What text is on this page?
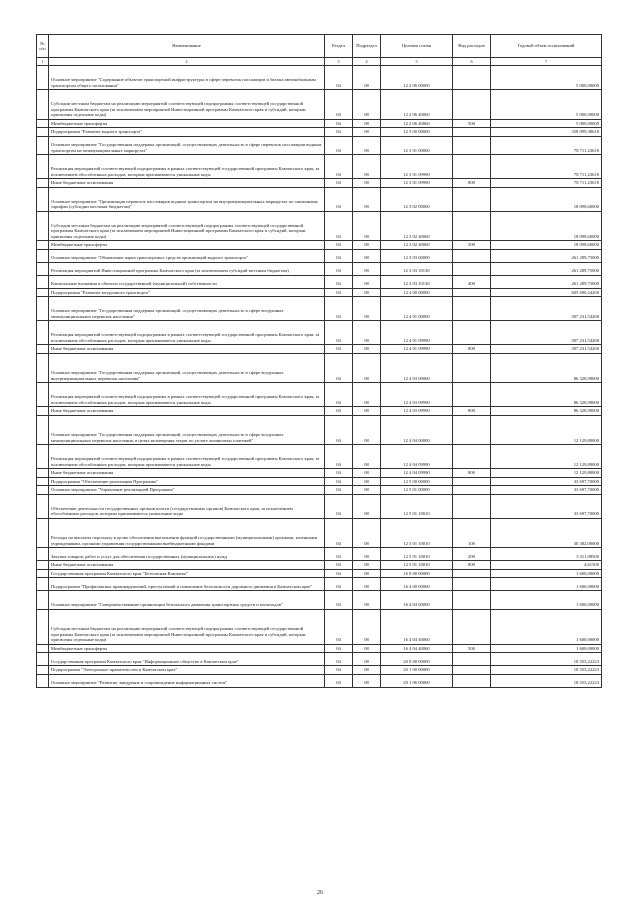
№ п/п	Наименование	Раздел	Подраздел	Целевая статья	Вид расходов	Годовой объем ассигнований
1	2	3	4	5	6	7
	Основное мероприятие "Содержание объектов транспортной инфраструктуры в сфере перевозок пассажиров и багажа автомобильным транспортом общего пользования"	04	08	12 2 06 00000		5 000,00000
	Субсидии местным бюджетам на реализацию мероприятий соответствующей подпрограммы соответствующей государственной программы Камчатского края (за исключением мероприятий Инвестиционной программы Камчатского края и субсидий, которым присвоены отдельные коды)	04	08	12 2 06 40060		5 000,00000
	Межбюджетные трансферты	04	08	12 2 06 40060	500	5 000,00000
	Подпрограмма "Развитие водного транспорта"	04	08	12 3 00 00000		358 099,38618
	Основное мероприятие "Государственная поддержка организаций, осуществляющих деятельность в сфере перевозок пассажиров водным транспортом на межмуниципальных маршрутах"	04	08	12 3 01 00000		78 711,23618
	Реализация мероприятий соответствующей подпрограммы в рамках соответствующей государственной программы Камчатского края, за исключением обособленных расходов, которым присваиваются уникальные коды	04	08	12 3 01 09990		78 711,23618
	Иные бюджетные ассигнования	04	08	12 3 01 09990	800	78 711,23618
	Основное мероприятие "Организация перевозок пассажиров водным транспортом на внутримуниципальных маршрутах по сниженным тарифам (субсидии местным бюджетам)"	04	08	12 3 02 00000		18 098,60000
	Субсидии местным бюджетам на реализацию мероприятий соответствующей подпрограммы соответствующей государственной программы Камчатского края (за исключением мероприятий Инвестиционной программы Камчатского края и субсидий, которым присвоены отдельные коды)	04	08	12 3 02 40060		18 098,60000
	Межбюджетные трансферты	04	08	12 3 02 40060	500	18 098,60000
	Основное мероприятие "Обновление парка транспортных средств организаций водного транспорта"	04	08	12 3 03 00000		261 289,75000
	Реализация мероприятий Инвестиционной программы Камчатского края (за исключением субсидий местным бюджетам)	04	08	12 3 03 10130		261 289,75000
	Капитальные вложения в объекты государственной (муниципальной) собственности	04	08	12 3 03 10130	400	261 289,75000
	Подпрограмма "Развитие воздушного транспорта"	04	08	12 4 00 00000		605 690,24200
	Основное мероприятие "Государственная поддержка организаций, осуществляющих деятельность в сфере воздушных межмуниципальных перевозок населения"	04	08	12 4 01 00000		507 231,54200
	Реализация мероприятий соответствующей подпрограммы в рамках соответствующей государственной программы Камчатского края, за исключением обособленных расходов, которым присваиваются уникальные коды	04	08	12 4 01 09990		507 231,54200
	Иные бюджетные ассигнования	04	08	12 4 01 09990	800	507 231,54200
	Основное мероприятие "Государственная поддержка организаций, осуществляющих деятельность в сфере воздушных внутримуниципальных перевозок населения"	04	08	12 4 03 00000		86 328,90000
	Реализация мероприятий соответствующей подпрограммы в рамках соответствующей государственной программы Камчатского края, за исключением обособленных расходов, которым присваиваются уникальные коды	04	08	12 4 03 09990		86 328,90000
	Иные бюджетные ассигнования	04	08	12 4 03 09990	800	86 328,90000
	Основное мероприятие "Государственная поддержка организаций, осуществляющих деятельность в сфере воздушных межмуниципальных перевозок населения, в целях возмещения затрат по уплате лизинговых платежей"	04	08	12 4 04 00000		12 129,80000
	Реализация мероприятий соответствующей подпрограммы в рамках соответствующей государственной программы Камчатского края, за исключением обособленных расходов, которым присваиваются уникальные коды	04	08	12 4 04 09990		12 129,80000
	Иные бюджетные ассигнования	04	08	12 4 04 09990	800	12 129,80000
	Подпрограмма "Обеспечение реализации Программы"	04	08	12 5 00 00000		33 697,70000
	Основное мероприятие "Управление реализацией Программы"	04	08	12 5 01 00000		33 697,70000
	Обеспечение деятельности государственных органов власти (государственных органов) Камчатского края, за исключением обособленных расходов, которым присваиваются уникальные коды	04	08	12 5 01 10010		33 697,70000
	Расходы на выплаты персоналу в целях обеспечения выполнения функций государственными (муниципальными) органами, казенными учреждениями, органами управления государственными внебюджетными фондами	04	08	12 5 01 10010	100	30 382,00000
	Закупка товаров, работ и услуг для обеспечения государственных (муниципальных) нужд	04	08	12 5 01 10010	200	3 311,08500
	Иные бюджетные ассигнования	04	08	12 5 01 10010	800	4,61500
	Государственная программа Камчатского края "Безопасная Камчатка"	04	08	16 0 00 00000		1 600,00000
	Подпрограмма "Профилактика правонарушений, преступлений и повышение безопасности дорожного движения в Камчатском крае"	04	08	16 4 00 00000		1 600,00000
	Основное мероприятие "Совершенствование организации безопасного движения транспортных средств и пешеходов"	04	08	16 4 04 00000		1 600,00000
	Субсидии местным бюджетам на реализацию мероприятий соответствующей подпрограммы соответствующей государственной программы Камчатского края (за исключением мероприятий Инвестиционной программы Камчатского края и субсидий, которым присвоены отдельные коды)	04	08	16 4 04 40060		1 600,00000
	Межбюджетные трансферты	04	08	16 4 04 40060	500	1 600,00000
	Государственная программа Камчатского края "Информационное общество в Камчатском крае"	04	08	20 0 00 00000		18 355,22223
	Подпрограмма "Электронное правительство в Камчатском крае"	04	08	20 1 00 00000		18 355,22223
	Основное мероприятие "Развитие, внедрение и сопровождение информационных систем"	04	08	20 1 06 00000		18 355,22223
26
